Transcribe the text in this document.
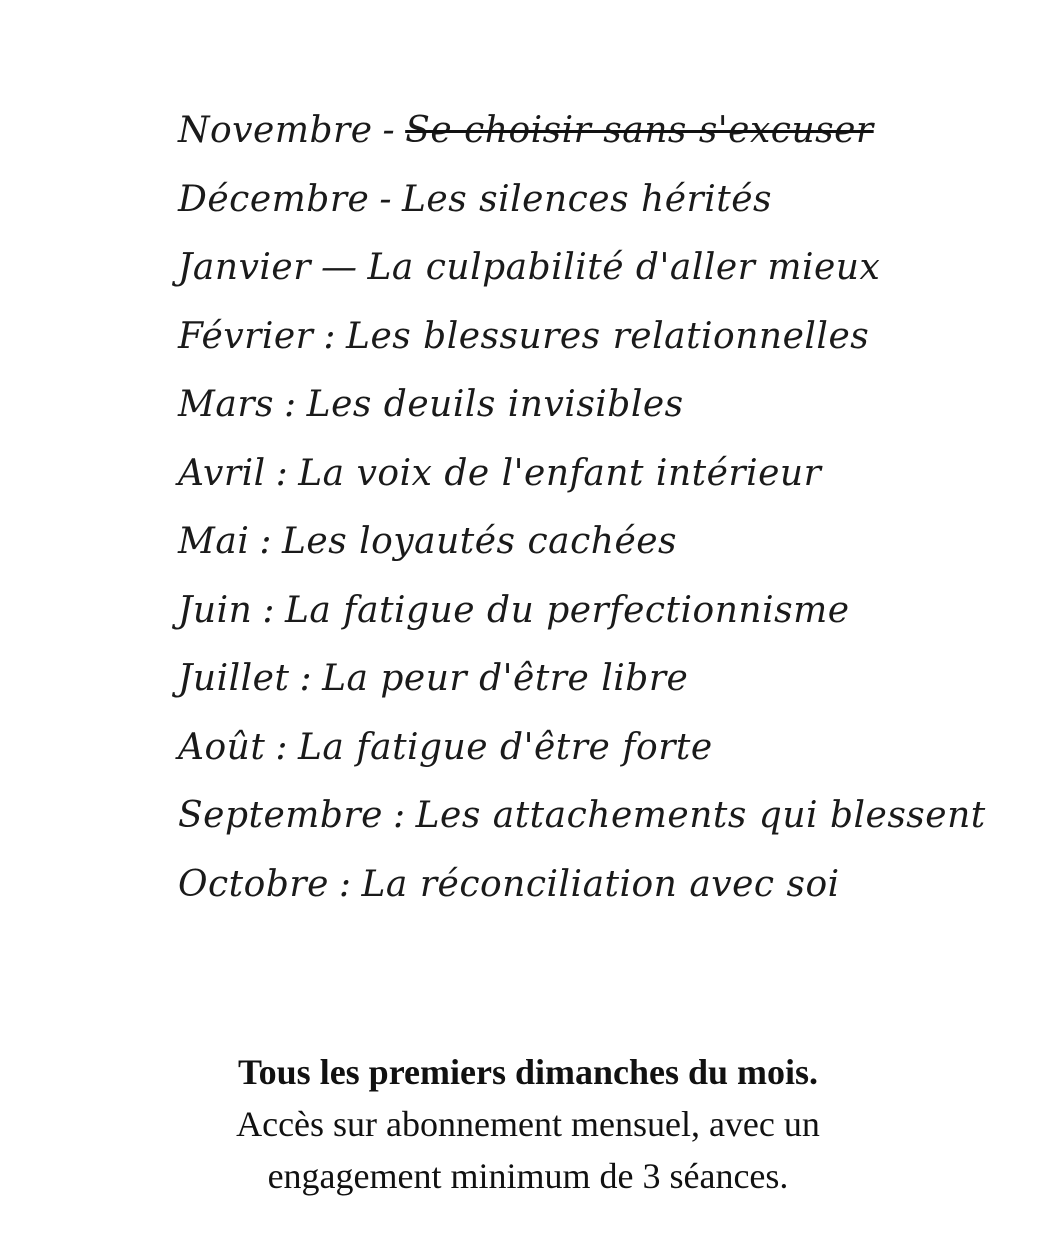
Novembre - Se choisir sans s'excuser
Décembre - Les silences hérités
Janvier — La culpabilité d'aller mieux
Février : Les blessures relationnelles
Mars : Les deuils invisibles
Avril : La voix de l'enfant intérieur
Mai : Les loyautés cachées
Juin : La fatigue du perfectionnisme
Juillet : La peur d'être libre
Août : La fatigue d'être forte
Septembre : Les attachements qui blessent
Octobre : La réconciliation avec soi
Tous les premiers dimanches du mois.
Accès sur abonnement mensuel, avec un
engagement minimum de 3 séances.
